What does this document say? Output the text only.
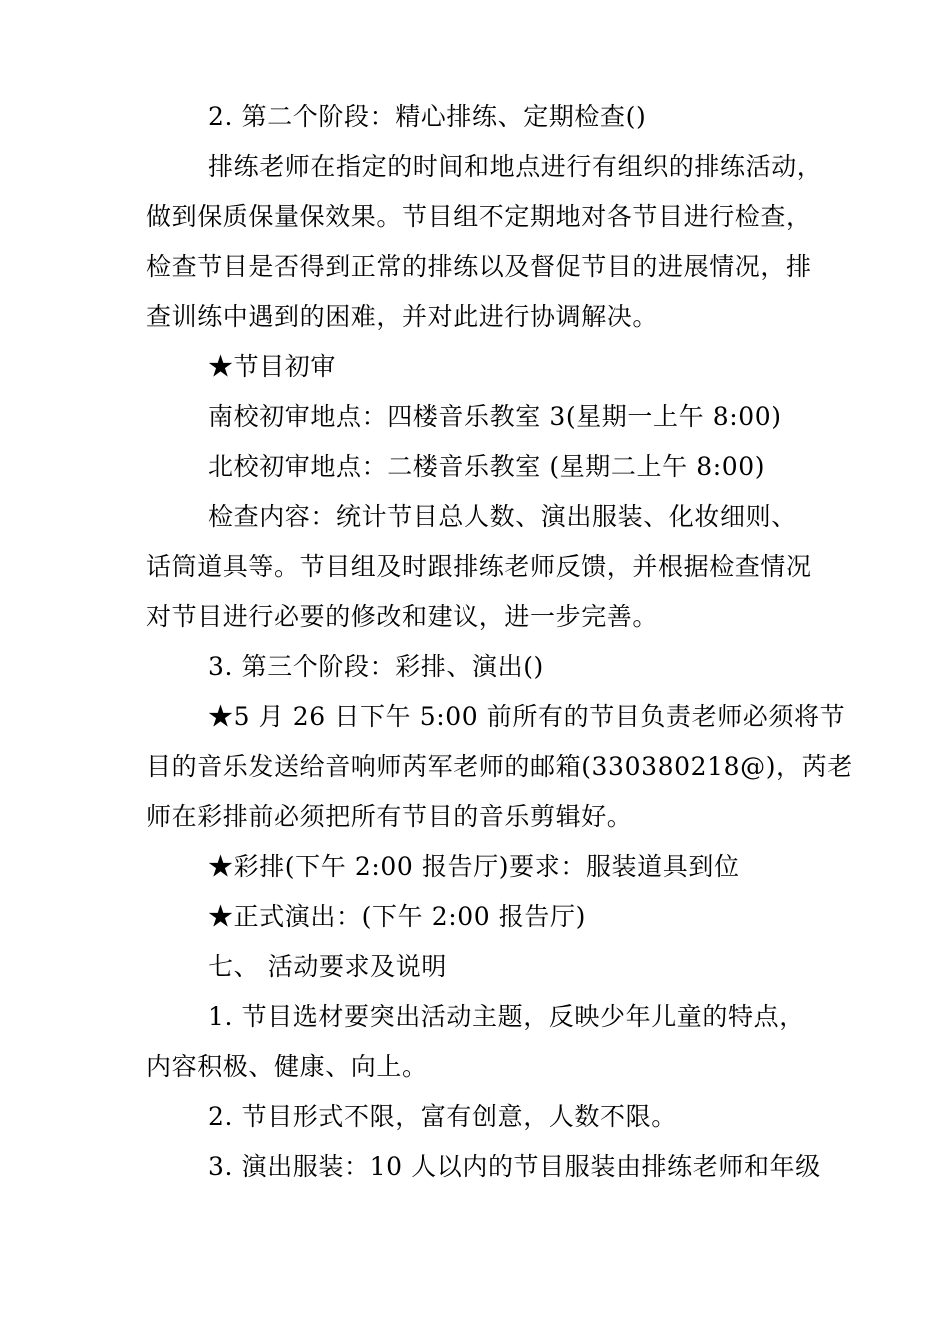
2. 第二个阶段：精心排练、定期检查()
排练老师在指定的时间和地点进行有组织的排练活动，
做到保质保量保效果。节目组不定期地对各节目进行检查，
检查节目是否得到正常的排练以及督促节目的进展情况，排
查训练中遇到的困难，并对此进行协调解决。
★节目初审
南校初审地点：四楼音乐教室 3(星期一上午 8:00)
北校初审地点：二楼音乐教室 (星期二上午 8:00)
检查内容：统计节目总人数、演出服装、化妆细则、
话筒道具等。节目组及时跟排练老师反馈，并根据检查情况
对节目进行必要的修改和建议，进一步完善。
3. 第三个阶段：彩排、演出()
★5 月 26 日下午 5:00 前所有的节目负责老师必须将节
目的音乐发送给音响师芮军老师的邮箱(330380218@)，芮老
师在彩排前必须把所有节目的音乐剪辑好。
★彩排(下午 2:00 报告厅)要求：服装道具到位
★正式演出：(下午 2:00 报告厅)
七、 活动要求及说明
1. 节目选材要突出活动主题，反映少年儿童的特点，
内容积极、健康、向上。
2. 节目形式不限，富有创意，人数不限。
3. 演出服装：10 人以内的节目服装由排练老师和年级
